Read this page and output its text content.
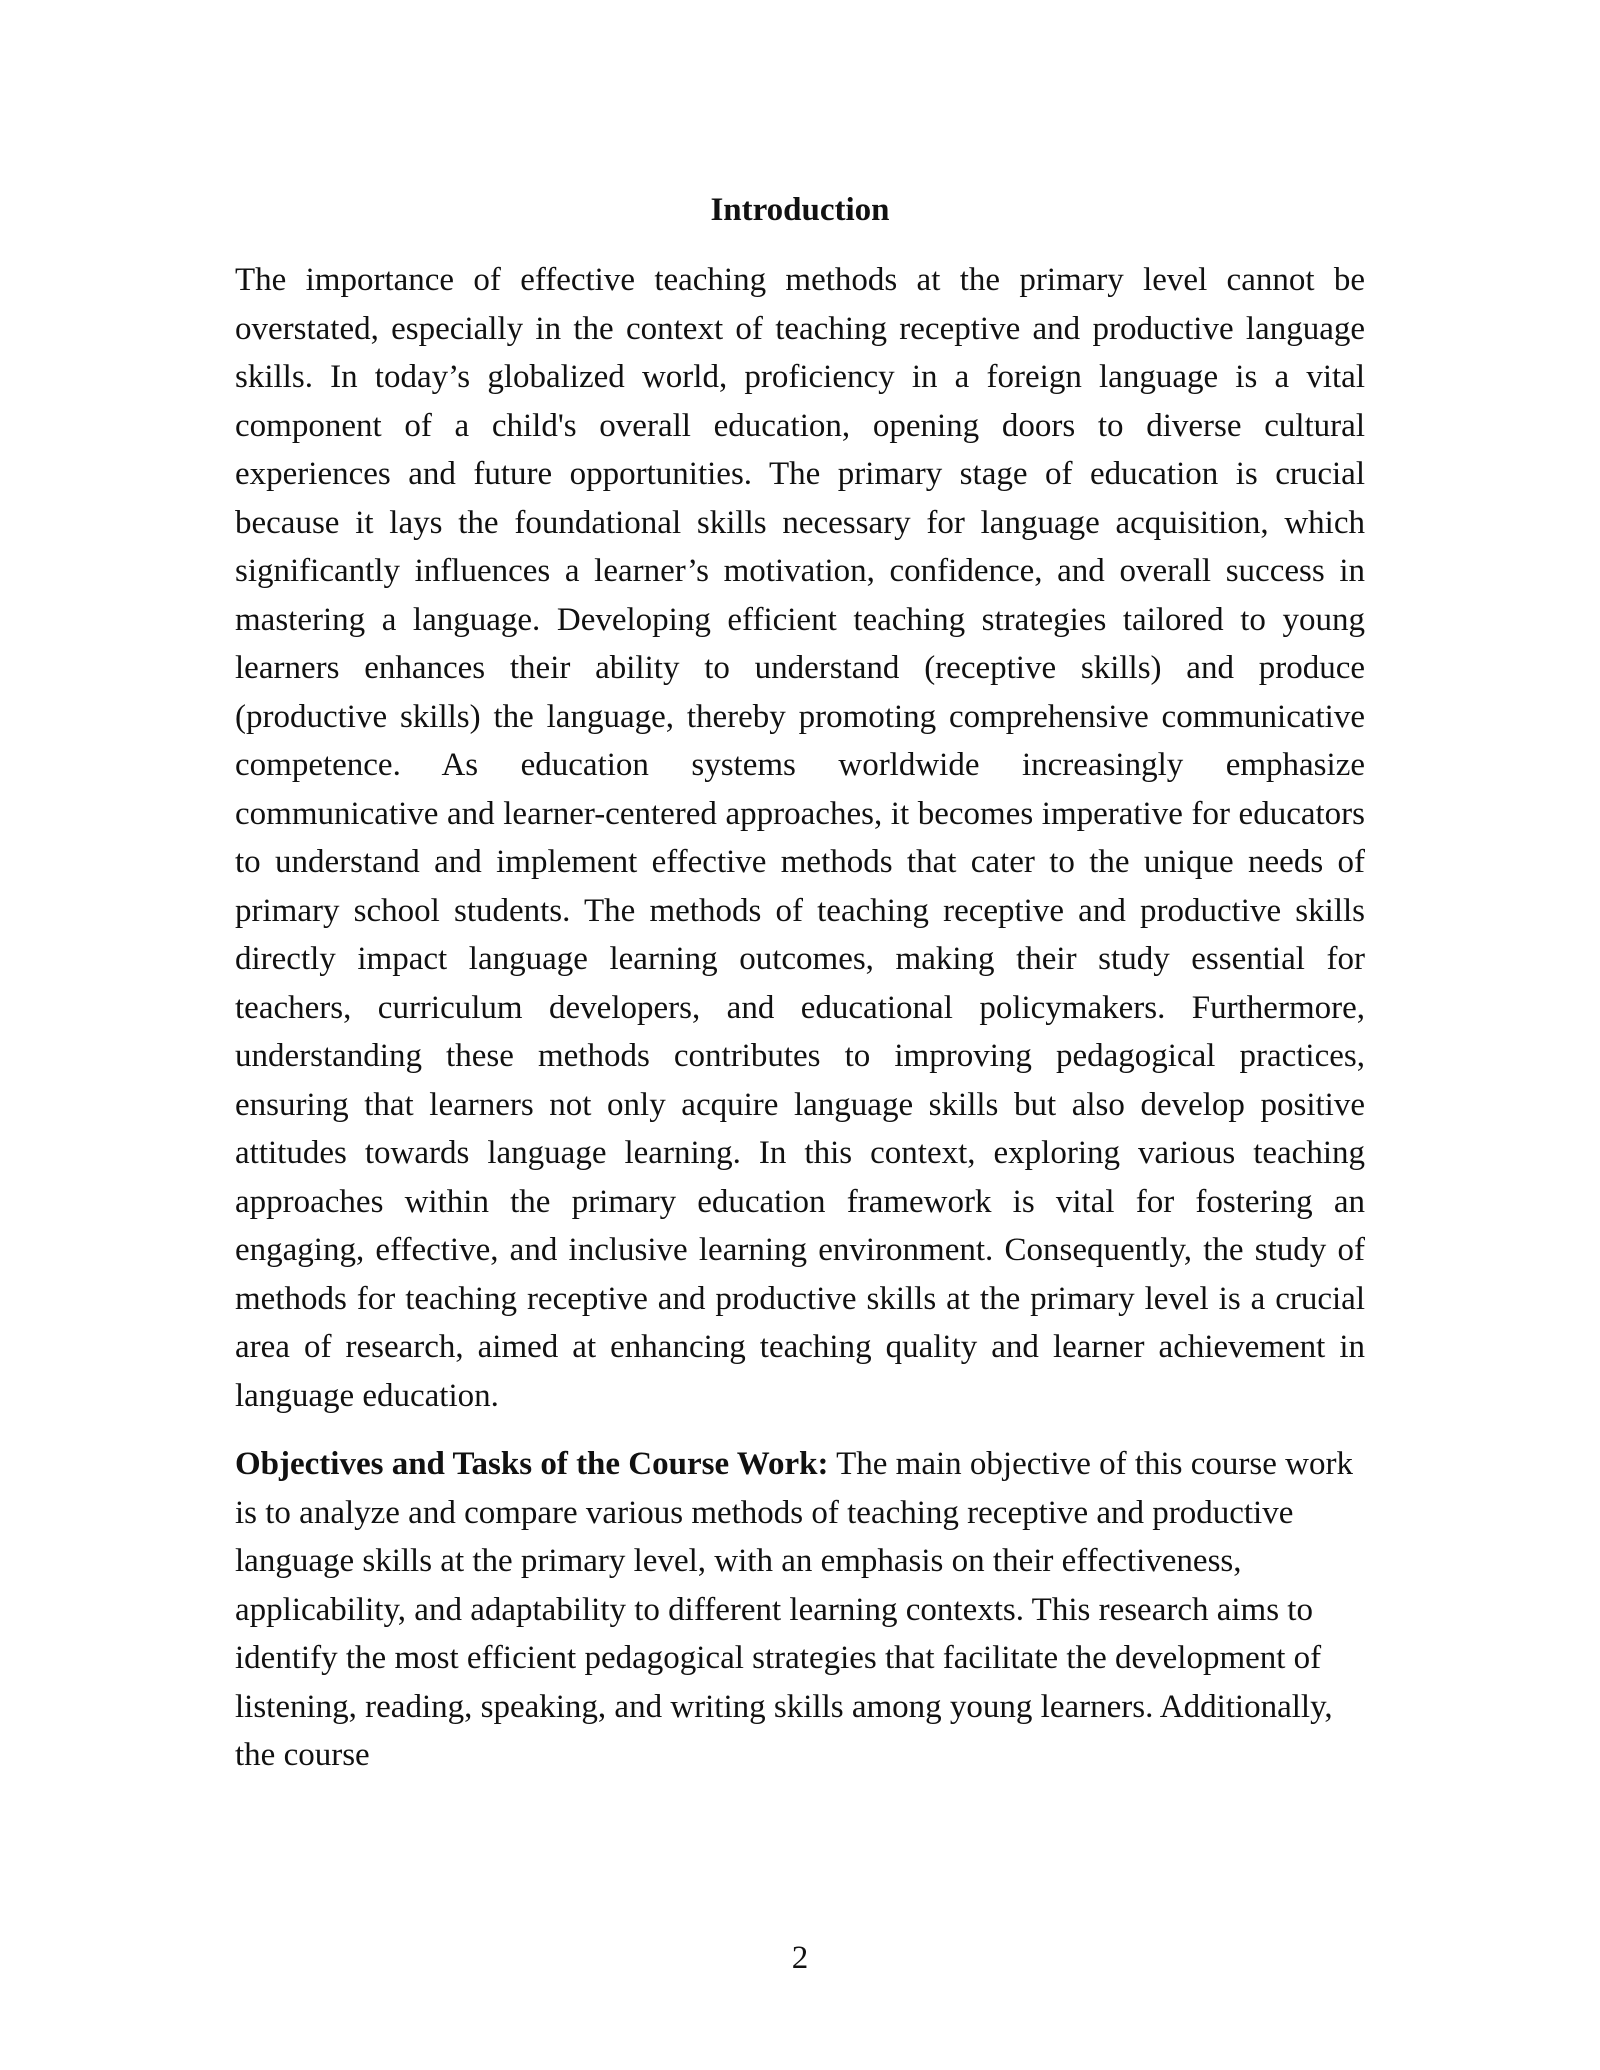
Introduction

The importance of effective teaching methods at the primary level cannot be overstated, especially in the context of teaching receptive and productive language skills. In today’s globalized world, proficiency in a foreign language is a vital component of a child's overall education, opening doors to diverse cultural experiences and future opportunities. The primary stage of education is crucial because it lays the foundational skills necessary for language acquisition, which significantly influences a learner’s motivation, confidence, and overall success in mastering a language. Developing efficient teaching strategies tailored to young learners enhances their ability to understand (receptive skills) and produce (productive skills) the language, thereby promoting comprehensive communicative competence. As education systems worldwide increasingly emphasize communicative and learner-centered approaches, it becomes imperative for educators to understand and implement effective methods that cater to the unique needs of primary school students. The methods of teaching receptive and productive skills directly impact language learning outcomes, making their study essential for teachers, curriculum developers, and educational policymakers. Furthermore, understanding these methods contributes to improving pedagogical practices, ensuring that learners not only acquire language skills but also develop positive attitudes towards language learning. In this context, exploring various teaching approaches within the primary education framework is vital for fostering an engaging, effective, and inclusive learning environment. Consequently, the study of methods for teaching receptive and productive skills at the primary level is a crucial area of research, aimed at enhancing teaching quality and learner achievement in language education.

Objectives and Tasks of the Course Work: The main objective of this course work is to analyze and compare various methods of teaching receptive and productive language skills at the primary level, with an emphasis on their effectiveness, applicability, and adaptability to different learning contexts. This research aims to identify the most efficient pedagogical strategies that facilitate the development of listening, reading, speaking, and writing skills among young learners. Additionally, the course

2
